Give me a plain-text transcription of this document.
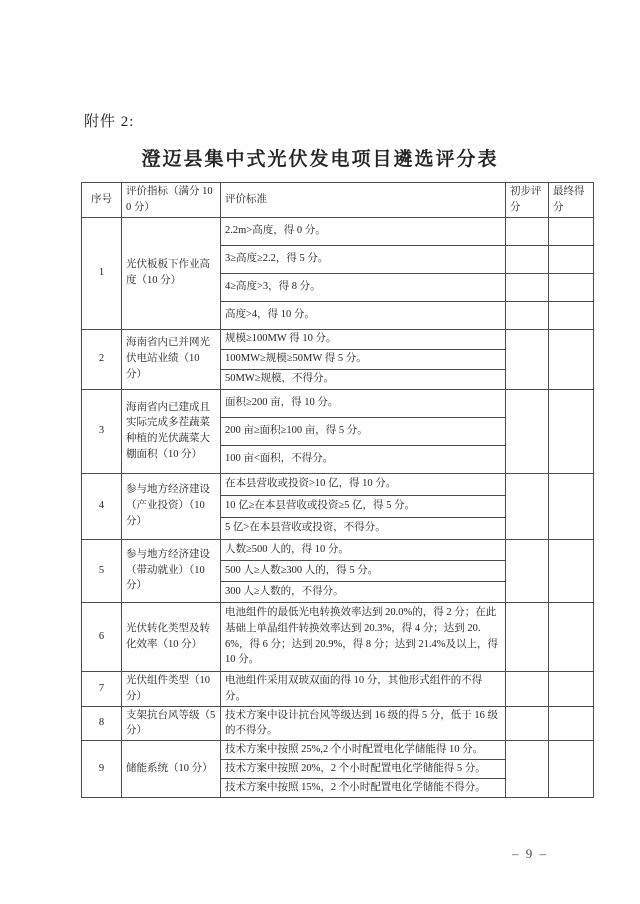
附件 2:
澄迈县集中式光伏发电项目遴选评分表
序号	评价指标（满分 100 分）	评价标准	初步评分	最终得分
1	光伏板板下作业高度（10 分）	2.2m>高度，得 0 分。		
		3≥高度≥2.2，得 5 分。		
		4≥高度>3，得 8 分。		
		高度>4，得 10 分。		
2	海南省内已并网光伏电站业绩（10 分）	规模≥100MW 得 10 分。		
		100MW≥规模≥50MW 得 5 分。		
		50MW≥规模，不得分。		
3	海南省内已建成且实际完成多茬蔬菜种植的光伏蔬菜大棚面积（10 分）	面积≥200 亩，得 10 分。		
		200 亩≥面积≥100 亩，得 5 分。		
		100 亩<面积，不得分。		
4	参与地方经济建设（产业投资）（10 分）	在本县营收或投资>10 亿，得 10 分。		
		10 亿≥在本县营收或投资≥5 亿，得 5 分。		
		5 亿>在本县营收或投资，不得分。		
5	参与地方经济建设（带动就业）（10 分）	人数≥500 人的，得 10 分。		
		500 人≥人数≥300 人的，得 5 分。		
		300 人≥人数的，不得分。		
6	光伏转化类型及转化效率（10 分）	电池组件的最低光电转换效率达到 20.0%的，得 2 分；在此基础上单晶组件转换效率达到 20.3%，得 4 分；达到 20.6%，得 6 分；达到 20.9%，得 8 分；达到 21.4%及以上，得 10 分。		
7	光伏组件类型（10 分）	电池组件采用双玻双面的得 10 分，其他形式组件的不得分。		
8	支架抗台风等级（5 分）	技术方案中设计抗台风等级达到 16 级的得 5 分，低于 16 级的不得分。		
9	储能系统（10 分）	技术方案中按照 25%,2 个小时配置电化学储能得 10 分。		
		技术方案中按照 20%，2 个小时配置电化学储能得 5 分。		
		技术方案中按照 15%，2 个小时配置电化学储能不得分。		
– 9 –
